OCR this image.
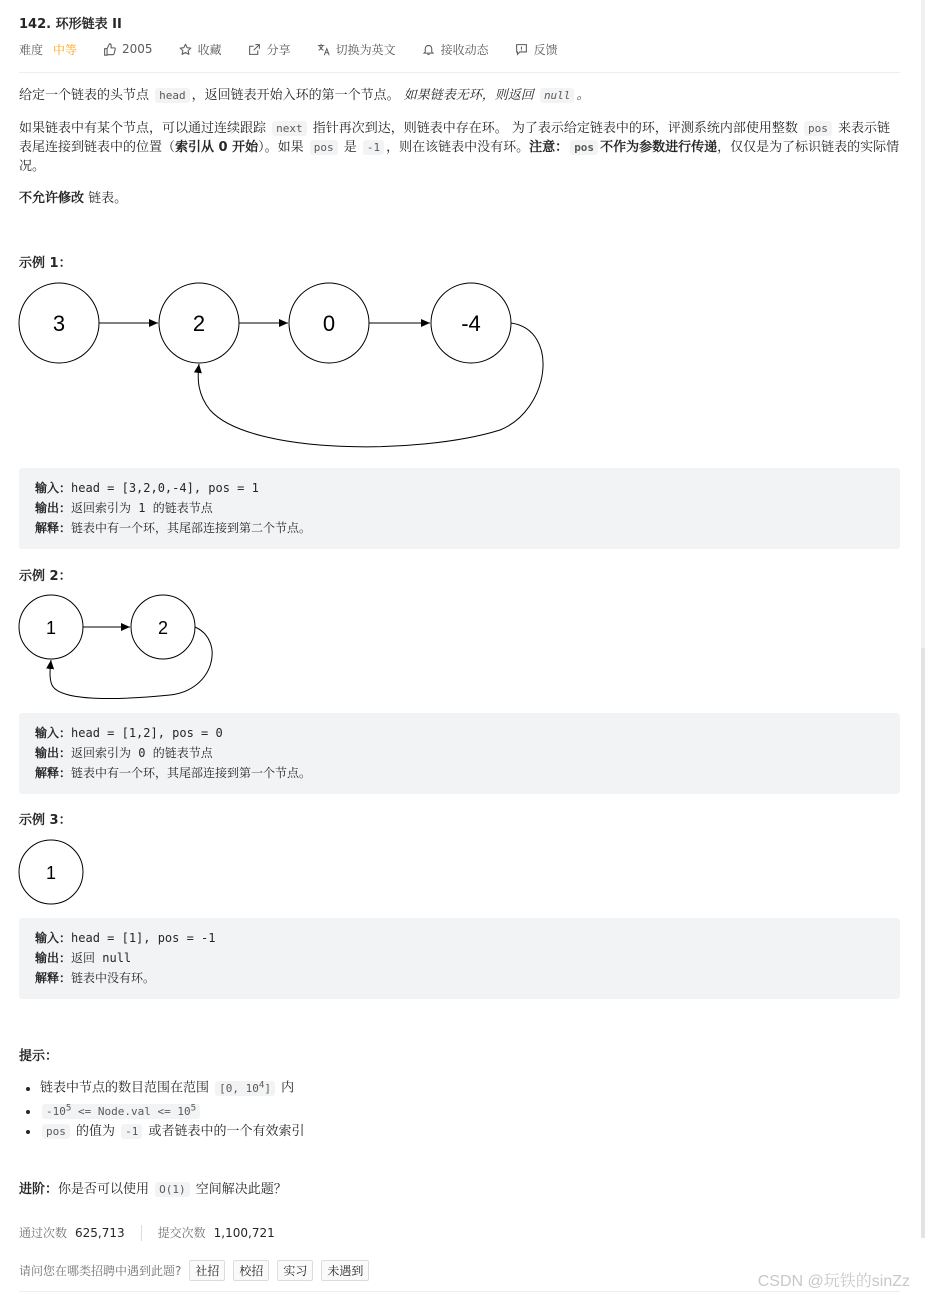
142. 环形链表 II
难度 中等	2005	收藏	分享	切换为英文	接收动态	反馈
给定一个链表的头节点 head ，返回链表开始入环的第一个节点。 如果链表无环，则返回 null 。
如果链表中有某个节点，可以通过连续跟踪 next 指针再次到达，则链表中存在环。 为了表示给定链表中的环，评测系统内部使用整数 pos 来表示链表尾连接到链表中的位置（索引从 0 开始）。如果 pos 是 -1 ，则在该链表中没有环。注意： pos 不作为参数进行传递，仅仅是为了标识链表的实际情况。
不允许修改 链表。
示例 1：
3	2	0	-4
输入：head = [3,2,0,-4], pos = 1
输出：返回索引为 1 的链表节点
解释：链表中有一个环，其尾部连接到第二个节点。
示例 2：
1	2
输入：head = [1,2], pos = 0
输出：返回索引为 0 的链表节点
解释：链表中有一个环，其尾部连接到第一个节点。
示例 3：
1
输入：head = [1], pos = -1
输出：返回 null
解释：链表中没有环。
提示：
• 链表中节点的数目范围在范围 [0, $10^4$] 内
• $-10^5$ <= Node.val <= $10^5$
• pos 的值为 -1 或者链表中的一个有效索引
进阶：你是否可以使用 O(1) 空间解决此题？
通过次数 625,713	提交次数 1,100,721
请问您在哪类招聘中遇到此题?	社招	校招	实习	未遇到
CSDN @玩铁的sinZz
